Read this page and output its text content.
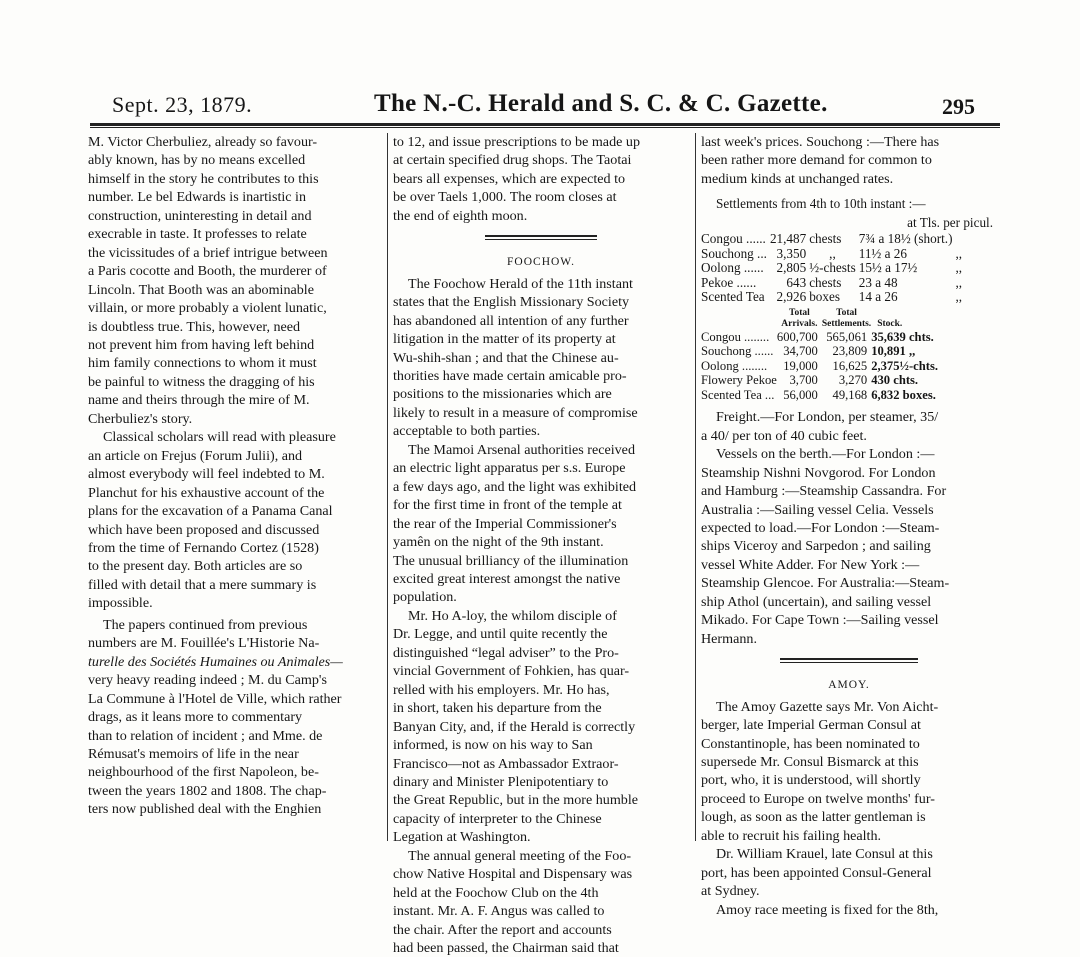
Sept. 23, 1879.	The N.-C. Herald and S. C. & C. Gazette.	295

M. Victor Cherbuliez, already so favour-
ably known, has by no means excelled
himself in the story he contributes to this
number. Le bel Edwards is inartistic in
construction, uninteresting in detail and
execrable in taste. It professes to relate
the vicissitudes of a brief intrigue between
a Paris cocotte and Booth, the murderer of
Lincoln. That Booth was an abominable
villain, or more probably a violent lunatic,
is doubtless true. This, however, need
not prevent him from having left behind
him family connections to whom it must
be painful to witness the dragging of his
name and theirs through the mire of M.
Cherbuliez's story.

Classical scholars will read with pleasure
an article on Frejus (Forum Julii), and
almost everybody will feel indebted to M.
Planchut for his exhaustive account of the
plans for the excavation of a Panama Canal
which have been proposed and discussed
from the time of Fernando Cortez (1528)
to the present day. Both articles are so
filled with detail that a mere summary is
impossible.

The papers continued from previous
numbers are M. Fouillée's L'Historie Na-
turelle des Sociétés Humaines ou Animales—
very heavy reading indeed ; M. du Camp's
La Commune à l'Hotel de Ville, which rather
drags, as it leans more to commentary
than to relation of incident ; and Mme. de
Rémusat's memoirs of life in the near
neighbourhood of the first Napoleon, be-
tween the years 1802 and 1808. The chap-
ters now published deal with the Enghien

to 12, and issue prescriptions to be made up
at certain specified drug shops. The Taotai
bears all expenses, which are expected to
be over Taels 1,000. The room closes at
the end of eighth moon.

FOOCHOW.

The Foochow Herald of the 11th instant
states that the English Missionary Society
has abandoned all intention of any further
litigation in the matter of its property at
Wu-shih-shan ; and that the Chinese au-
thorities have made certain amicable pro-
positions to the missionaries which are
likely to result in a measure of compromise
acceptable to both parties.

The Mamoi Arsenal authorities received
an electric light apparatus per s.s. Europe
a few days ago, and the light was exhibited
for the first time in front of the temple at
the rear of the Imperial Commissioner's
yamên on the night of the 9th instant.
The unusual brilliancy of the illumination
excited great interest amongst the native
population.

Mr. Ho A-loy, the whilom disciple of
Dr. Legge, and until quite recently the
distinguished “legal adviser” to the Pro-
vincial Government of Fohkien, has quar-
relled with his employers. Mr. Ho has,
in short, taken his departure from the
Banyan City, and, if the Herald is correctly
informed, is now on his way to San
Francisco—not as Ambassador Extraor-
dinary and Minister Plenipotentiary to
the Great Republic, but in the more humble
capacity of interpreter to the Chinese
Legation at Washington.

The annual general meeting of the Foo-
chow Native Hospital and Dispensary was
held at the Foochow Club on the 4th
instant. Mr. A. F. Angus was called to
the chair. After the report and accounts
had been passed, the Chairman said that

last week's prices. Souchong :—There has
been rather more demand for common to
medium kinds at unchanged rates.

Settlements from 4th to 10th instant :—
at Tls. per picul.
Congou ......	21,487	chests	7¾ a 18½ (short.)	
Souchong ...	3,350	,,	11½ a 26	,,
Oolong ......	2,805	½-chests	15½ a 17½	,,
Pekoe ......	643	chests	23 a 48	,,
Scented Tea	2,926	boxes	14 a 26	,,
	Total	Total	
	Arrivals.	Settlements.	Stock.
Congou ........	600,700	565,061	35,639 chts.
Souchong ......	34,700	23,809	10,891 ,,
Oolong ........	19,000	16,625	2,375½-chts.
Flowery Pekoe	3,700	3,270	430 chts.
Scented Tea ...	56,000	49,168	6,832 boxes.

Freight.—For London, per steamer, 35/
a 40/ per ton of 40 cubic feet.

Vessels on the berth.—For London :—
Steamship Nishni Novgorod. For London
and Hamburg :—Steamship Cassandra. For
Australia :—Sailing vessel Celia. Vessels
expected to load.—For London :—Steam-
ships Viceroy and Sarpedon ; and sailing
vessel White Adder. For New York :—
Steamship Glencoe. For Australia:—Steam-
ship Athol (uncertain), and sailing vessel
Mikado. For Cape Town :—Sailing vessel
Hermann.

AMOY.

The Amoy Gazette says Mr. Von Aicht-
berger, late Imperial German Consul at
Constantinople, has been nominated to
supersede Mr. Consul Bismarck at this
port, who, it is understood, will shortly
proceed to Europe on twelve months' fur-
lough, as soon as the latter gentleman is
able to recruit his failing health.

Dr. William Krauel, late Consul at this
port, has been appointed Consul-General
at Sydney.

Amoy race meeting is fixed for the 8th,
